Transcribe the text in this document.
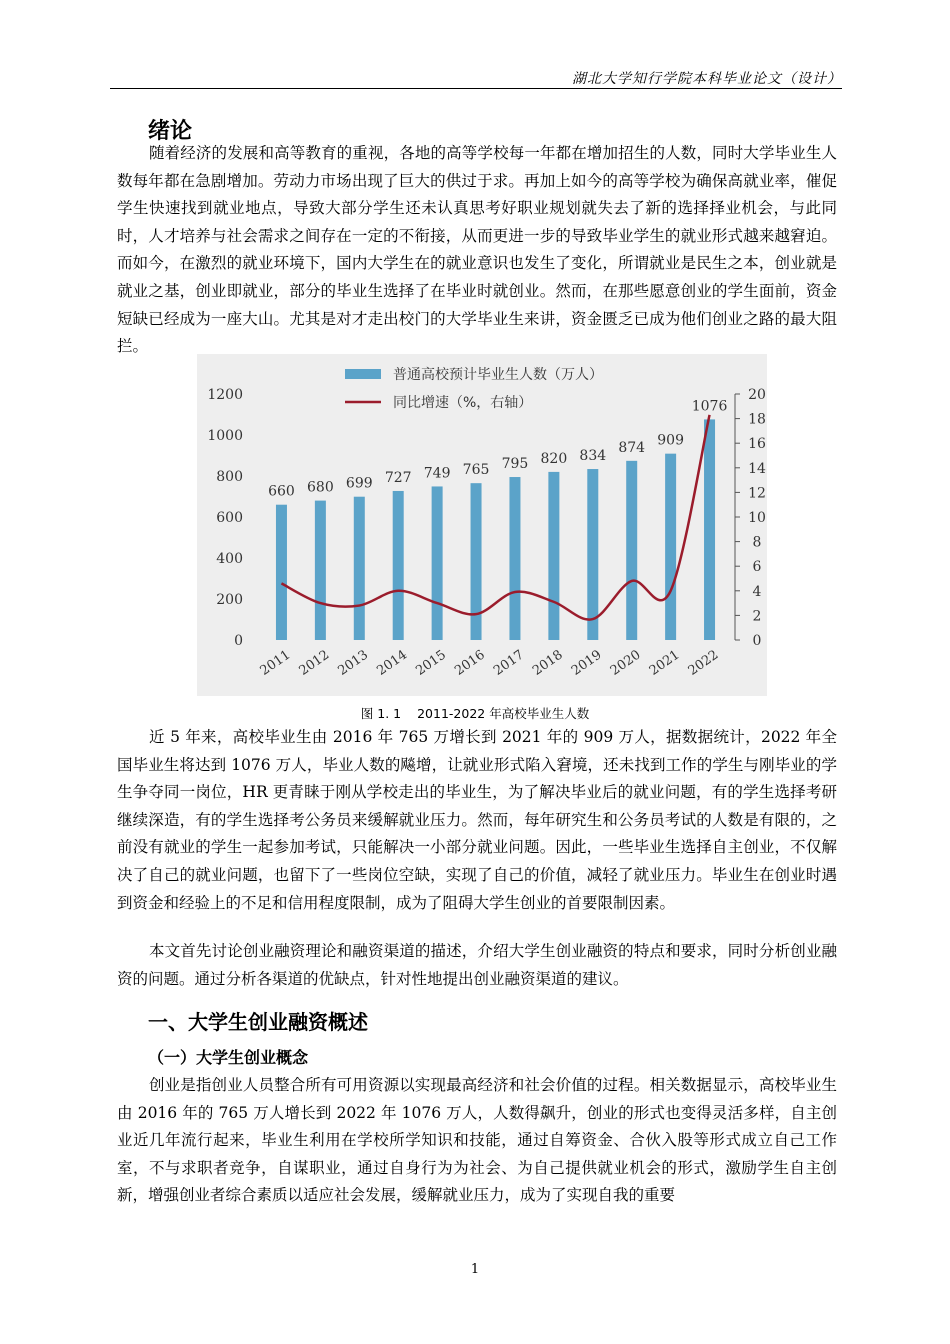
湖北大学知行学院本科毕业论文（设计）
绪论

随着经济的发展和高等教育的重视，各地的高等学校每一年都在增加招生的人数，同时大学毕业生人数每年都在急剧增加。劳动力市场出现了巨大的供过于求。再加上如今的高等学校为确保高就业率，催促学生快速找到就业地点，导致大部分学生还未认真思考好职业规划就失去了新的选择择业机会，与此同时，人才培养与社会需求之间存在一定的不衔接，从而更进一步的导致毕业学生的就业形式越来越窘迫。而如今，在激烈的就业环境下，国内大学生在的就业意识也发生了变化，所谓就业是民生之本，创业就是就业之基，创业即就业，部分的毕业生选择了在毕业时就创业。然而，在那些愿意创业的学生面前，资金短缺已经成为一座大山。尤其是对才走出校门的大学毕业生来讲，资金匮乏已成为他们创业之路的最大阻拦。

0
200
400
600
800
1000
1200
0
2
4
6
8
10
12
14
16
18
20
660 680 699 727 749 765 795 820 834
874 909
1076
2011 2012 2013 2014 2015 2016 2017 2018 2019 2020 2021 2022
普通高校预计毕业生人数（万人）
同比增速（%，右轴）
图 1. 1 2011-2022 年高校毕业生人数

近 5 年来，高校毕业生由 2016 年 765 万增长到 2021 年的 909 万人，据数据统计，2022 年全国毕业生将达到 1076 万人，毕业人数的飚增，让就业形式陷入窘境，还未找到工作的学生与刚毕业的学生争夺同一岗位，HR 更青睐于刚从学校走出的毕业生，为了解决毕业后的就业问题，有的学生选择考研继续深造，有的学生选择考公务员来缓解就业压力。然而，每年研究生和公务员考试的人数是有限的，之前没有就业的学生一起参加考试，只能解决一小部分就业问题。因此，一些毕业生选择自主创业，不仅解决了自己的就业问题，也留下了一些岗位空缺，实现了自己的价值，减轻了就业压力。毕业生在创业时遇到资金和经验上的不足和信用程度限制，成为了阻碍大学生创业的首要限制因素。

本文首先讨论创业融资理论和融资渠道的描述，介绍大学生创业融资的特点和要求，同时分析创业融资的问题。通过分析各渠道的优缺点，针对性地提出创业融资渠道的建议。

一、大学生创业融资概述
（一）大学生创业概念

创业是指创业人员整合所有可用资源以实现最高经济和社会价值的过程。相关数据显示，高校毕业生由 2016 年的 765 万人增长到 2022 年 1076 万人，人数得飙升，创业的形式也变得灵活多样，自主创业近几年流行起来，毕业生利用在学校所学知识和技能，通过自筹资金、合伙入股等形式成立自己工作室，不与求职者竞争，自谋职业，通过自身行为为社会、为自己提供就业机会的形式，激励学生自主创新，增强创业者综合素质以适应社会发展，缓解就业压力，成为了实现自我的重要

1
